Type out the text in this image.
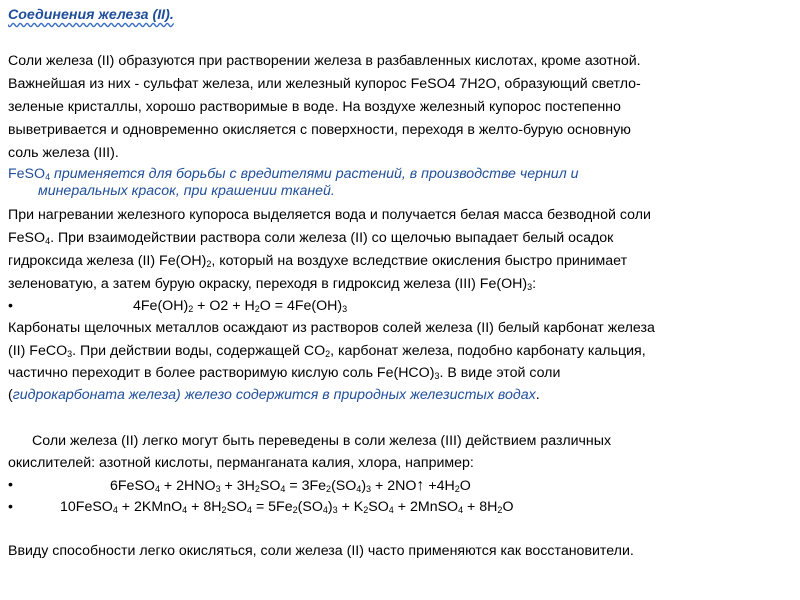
Соединения железа (II).
Соли железа (II) образуются при растворении железа в разбавленных кислотах, кроме азотной.
Важнейшая из них - сульфат железа, или железный купорос FeSO4 7H2O, образующий светло-
зеленые кристаллы, хорошо растворимые в воде. На воздухе железный купорос постепенно
выветривается и одновременно окисляется с поверхности, переходя в желто-бурую основную
соль железа (III).
FeSO$_4$ применяется для борьбы с вредителями растений, в производстве чернил и
минеральных красок, при крашении тканей.
При нагревании железного купороса выделяется вода и получается белая масса безводной соли
FeSO$_4$. При взаимодействии раствора соли железа (II) со щелочью выпадает белый осадок
гидроксида железа (II) $Fe(OH)_2$, который на воздухе вследствие окисления быстро принимает
зеленоватую, а затем бурую окраску, переходя в гидроксид железа (III) $Fe(OH)_3$:
•	$4Fe(OH)_2 + O2 + H_2O = 4Fe(OH)_3$
Карбонаты щелочных металлов осаждают из растворов солей железа (II) белый карбонат железа
(II) FeCO$_3$. При действии воды, содержащей $CO_2$, карбонат железа, подобно карбонату кальция,
частично переходит в более растворимую кислую соль $Fe(HCO)_3$. В виде этой соли
(гидрокарбоната железа) железо содержится в природных железистых водах.
Соли железа (II) легко могут быть переведены в соли железа (III) действием различных
окислителей: азотной кислоты, перманганата калия, хлора, например:
•	6FeSO$_4$ + $2HNO_3 + 3H_2SO_4 = 3Fe_2(SO_4)_3$ + 2NO↑ $+4H_2O$
•	10FeSO$_4$ + 2KMnO$_4$ + $8H_2SO_4 = 5Fe_2(SO_4)_3 + K_2SO_4$ + 2MnSO$_4$ + $8H_2O$
Ввиду способности легко окисляться, соли железа (II) часто применяются как восстановители.
